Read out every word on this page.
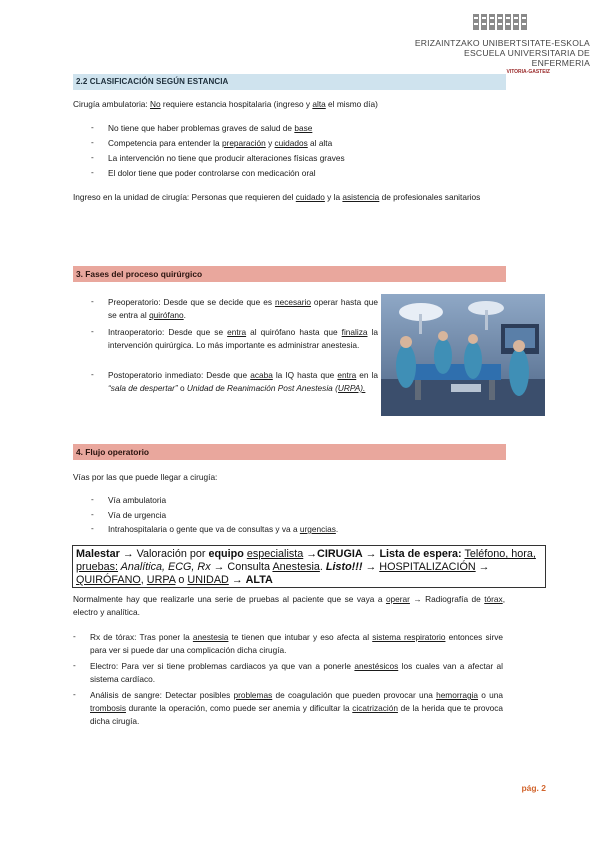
ERIZAINTZAKO UNIBERTSITATE-ESKOLA
ESCUELA UNIVERSITARIA DE ENFERMERIA
VITORIA-GASTEIZ
2.2 CLASIFICACIÓN SEGÚN ESTANCIA
Cirugía ambulatoria: No requiere estancia hospitalaria (ingreso y alta el mismo día)
- No tiene que haber problemas graves de salud de base
- Competencia para entender la preparación y cuidados al alta
- La intervención no tiene que producir alteraciones físicas graves
- El dolor tiene que poder controlarse con medicación oral
Ingreso en la unidad de cirugía: Personas que requieren del cuidado y la asistencia de profesionales sanitarios
3. Fases del proceso quirúrgico
- Preoperatorio: Desde que se decide que es necesario operar hasta que se entra al quirófano.
- Intraoperatorio: Desde que se entra al quirófano hasta que finaliza la intervención quirúrgica. Lo más importante es administrar anestesia.
- Postoperatorio inmediato: Desde que acaba la IQ hasta que entra en la “sala de despertar” o Unidad de Reanimación Post Anestesia (URPA).
4. Flujo operatorio
Vías por las que puede llegar a cirugía:
- Vía ambulatoria
- Vía de urgencia
- Intrahospitalaria o gente que va de consultas y va a urgencias.
Malestar → Valoración por equipo especialista →CIRUGIA → Lista de espera: Teléfono, hora, pruebas: Analítica, ECG, Rx → Consulta Anestesia. Listo!!! → HOSPITALIZACIÓN → QUIRÓFANO, URPA o UNIDAD → ALTA
Normalmente hay que realizarle una serie de pruebas al paciente que se vaya a operar → Radiografía de tórax, electro y analítica.
- Rx de tórax: Tras poner la anestesia te tienen que intubar y eso afecta al sistema respiratorio entonces sirve para ver si puede dar una complicación dicha cirugía.
- Electro: Para ver si tiene problemas cardiacos ya que van a ponerle anestésicos los cuales van a afectar al sistema cardíaco.
- Análisis de sangre: Detectar posibles problemas de coagulación que pueden provocar una hemorragia o una trombosis durante la operación, como puede ser anemia y dificultar la cicatrización de la herida que te provoca dicha cirugía.
pág. 2
